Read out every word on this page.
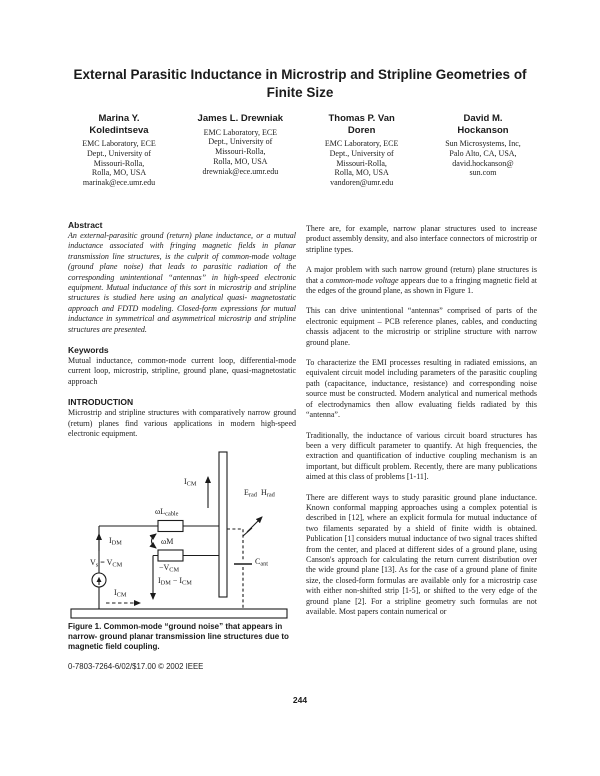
External Parasitic Inductance in Microstrip and Stripline Geometries of Finite Size
Marina Y. Koledintseva
EMC Laboratory, ECE
Dept., University of
Missouri-Rolla,
Rolla, MO, USA
marinak@ece.umr.edu
James L. Drewniak
EMC Laboratory, ECE
Dept., University of
Missouri-Rolla,
Rolla, MO, USA
drewniak@ece.umr.edu
Thomas P. Van Doren
EMC Laboratory, ECE
Dept., University of
Missouri-Rolla,
Rolla, MO, USA
vandoren@umr.edu
David M. Hockanson
Sun Microsystems, Inc,
Palo Alto, CA, USA,
david.hockanson@
sun.com
Abstract

An external-parasitic ground (return) plane inductance, or a mutual inductance associated with fringing magnetic fields in planar transmission line structures, is the culprit of common-mode voltage (ground plane noise) that leads to parasitic radiation of the corresponding unintentional “antennas” in high-speed electronic equipment. Mutual inductance of this sort in microstrip and stripline structures is studied here using an analytical quasi- magnetostatic approach and FDTD modeling. Closed-form expressions for mutual inductance in symmetrical and asymmetrical microstrip and stripline structures are presented.

Keywords

Mutual inductance, common-mode current loop, differential-mode current loop, microstrip, stripline, ground plane, quasi-magnetostatic approach

INTRODUCTION

Microstrip and stripline structures with comparatively narrow ground (return) planes find various applications in modern high-speed electronic equipment.

ICM
Erad Hrad
ωLcable
ωM
IDM
Vs = VCM	−VCM
IDM − ICM
ICM
Cant

Figure 1. Common-mode “ground noise” that appears in narrow- ground planar transmission line structures due to magnetic field coupling.

0-7803-7264-6/02/$17.00 © 2002 IEEE

There are, for example, narrow planar structures used to increase product assembly density, and also interface connectors of microstrip or stripline types.

A major problem with such narrow ground (return) plane structures is that a common-mode voltage appears due to a fringing magnetic field at the edges of the ground plane, as shown in Figure 1.

This can drive unintentional “antennas” comprised of parts of the electronic equipment – PCB reference planes, cables, and conducting chassis adjacent to the microstrip or stripline structure with narrow ground plane.

To characterize the EMI processes resulting in radiated emissions, an equivalent circuit model including parameters of the parasitic coupling path (capacitance, inductance, resistance) and corresponding noise source must be constructed. Modern analytical and numerical methods of electrodynamics then allow evaluating fields radiated by this “antenna”.

Traditionally, the inductance of various circuit board structures has been a very difficult parameter to quantify. At high frequencies, the extraction and quantification of inductive coupling mechanism is an important, but difficult problem. Recently, there are many publications aimed at this class of problems [1-11].

There are different ways to study parasitic ground plane inductance. Known conformal mapping approaches using a complex potential is described in [12], where an explicit formula for mutual inductance of two filaments separated by a shield of finite width is obtained. Publication [1] considers mutual inductance of two signal traces shifted from the center, and placed at different sides of a ground plane, using Canson's approach for calculating the return current distribution over the wide ground plane [13]. As for the case of a ground plane of finite size, the closed-form formulas are available only for a microstrip case with either non-shifted strip [1-5], or shifted to the very edge of the ground plane [2]. For a stripline geometry such formulas are not available. Most papers contain numerical or

244
